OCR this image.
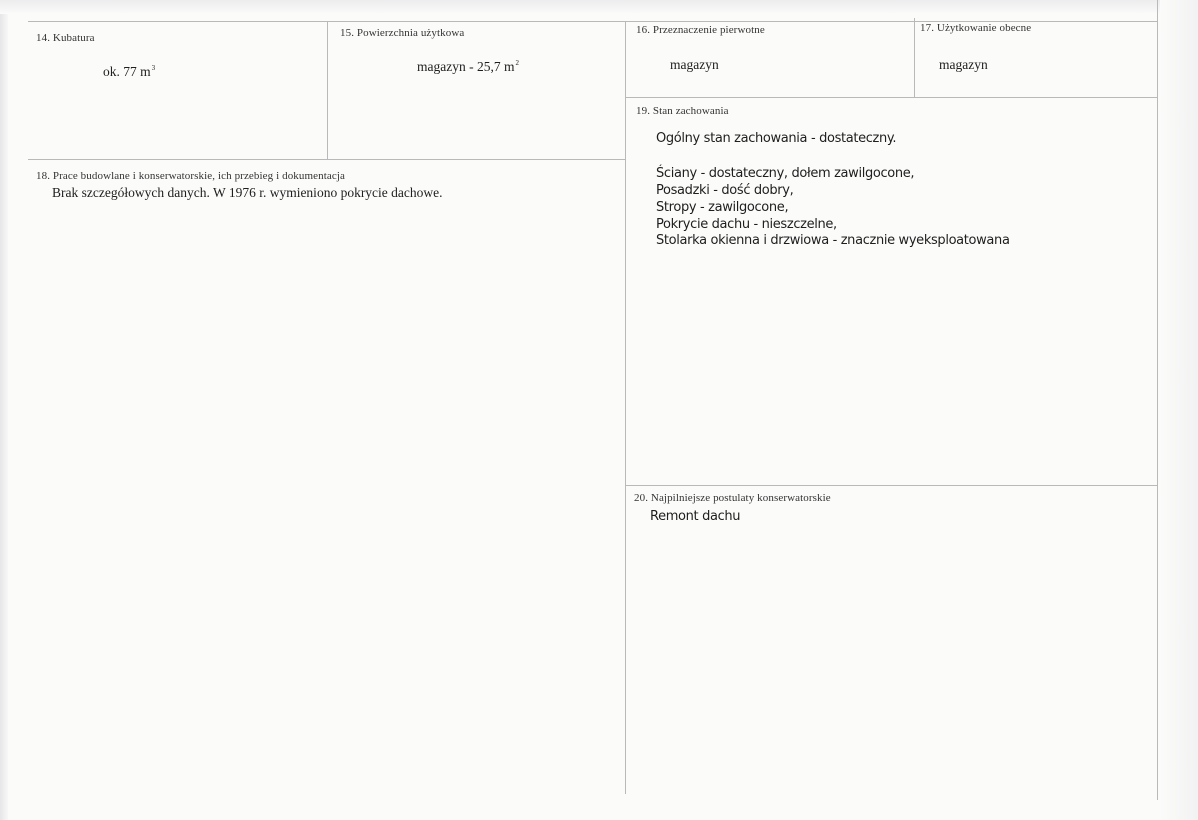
14. Kubatura
ok. 77 $m^3$
15. Powierzchnia użytkowa
magazyn - 25,7 $m^2$
16. Przeznaczenie pierwotne
magazyn
17. Użytkowanie obecne
magazyn
18. Prace budowlane i konserwatorskie, ich przebieg i dokumentacja
Brak szczegółowych danych. W 1976 r. wymieniono pokrycie dachowe.
19. Stan zachowania
Ogólny stan zachowania - dostateczny.
Ściany - dostateczny, dołem zawilgocone,
Posadzki - dość dobry,
Stropy - zawilgocone,
Pokrycie dachu - nieszczelne,
Stolarka okienna i drzwiowa - znacznie wyeksploatowana
20. Najpilniejsze postulaty konserwatorskie
Remont dachu
